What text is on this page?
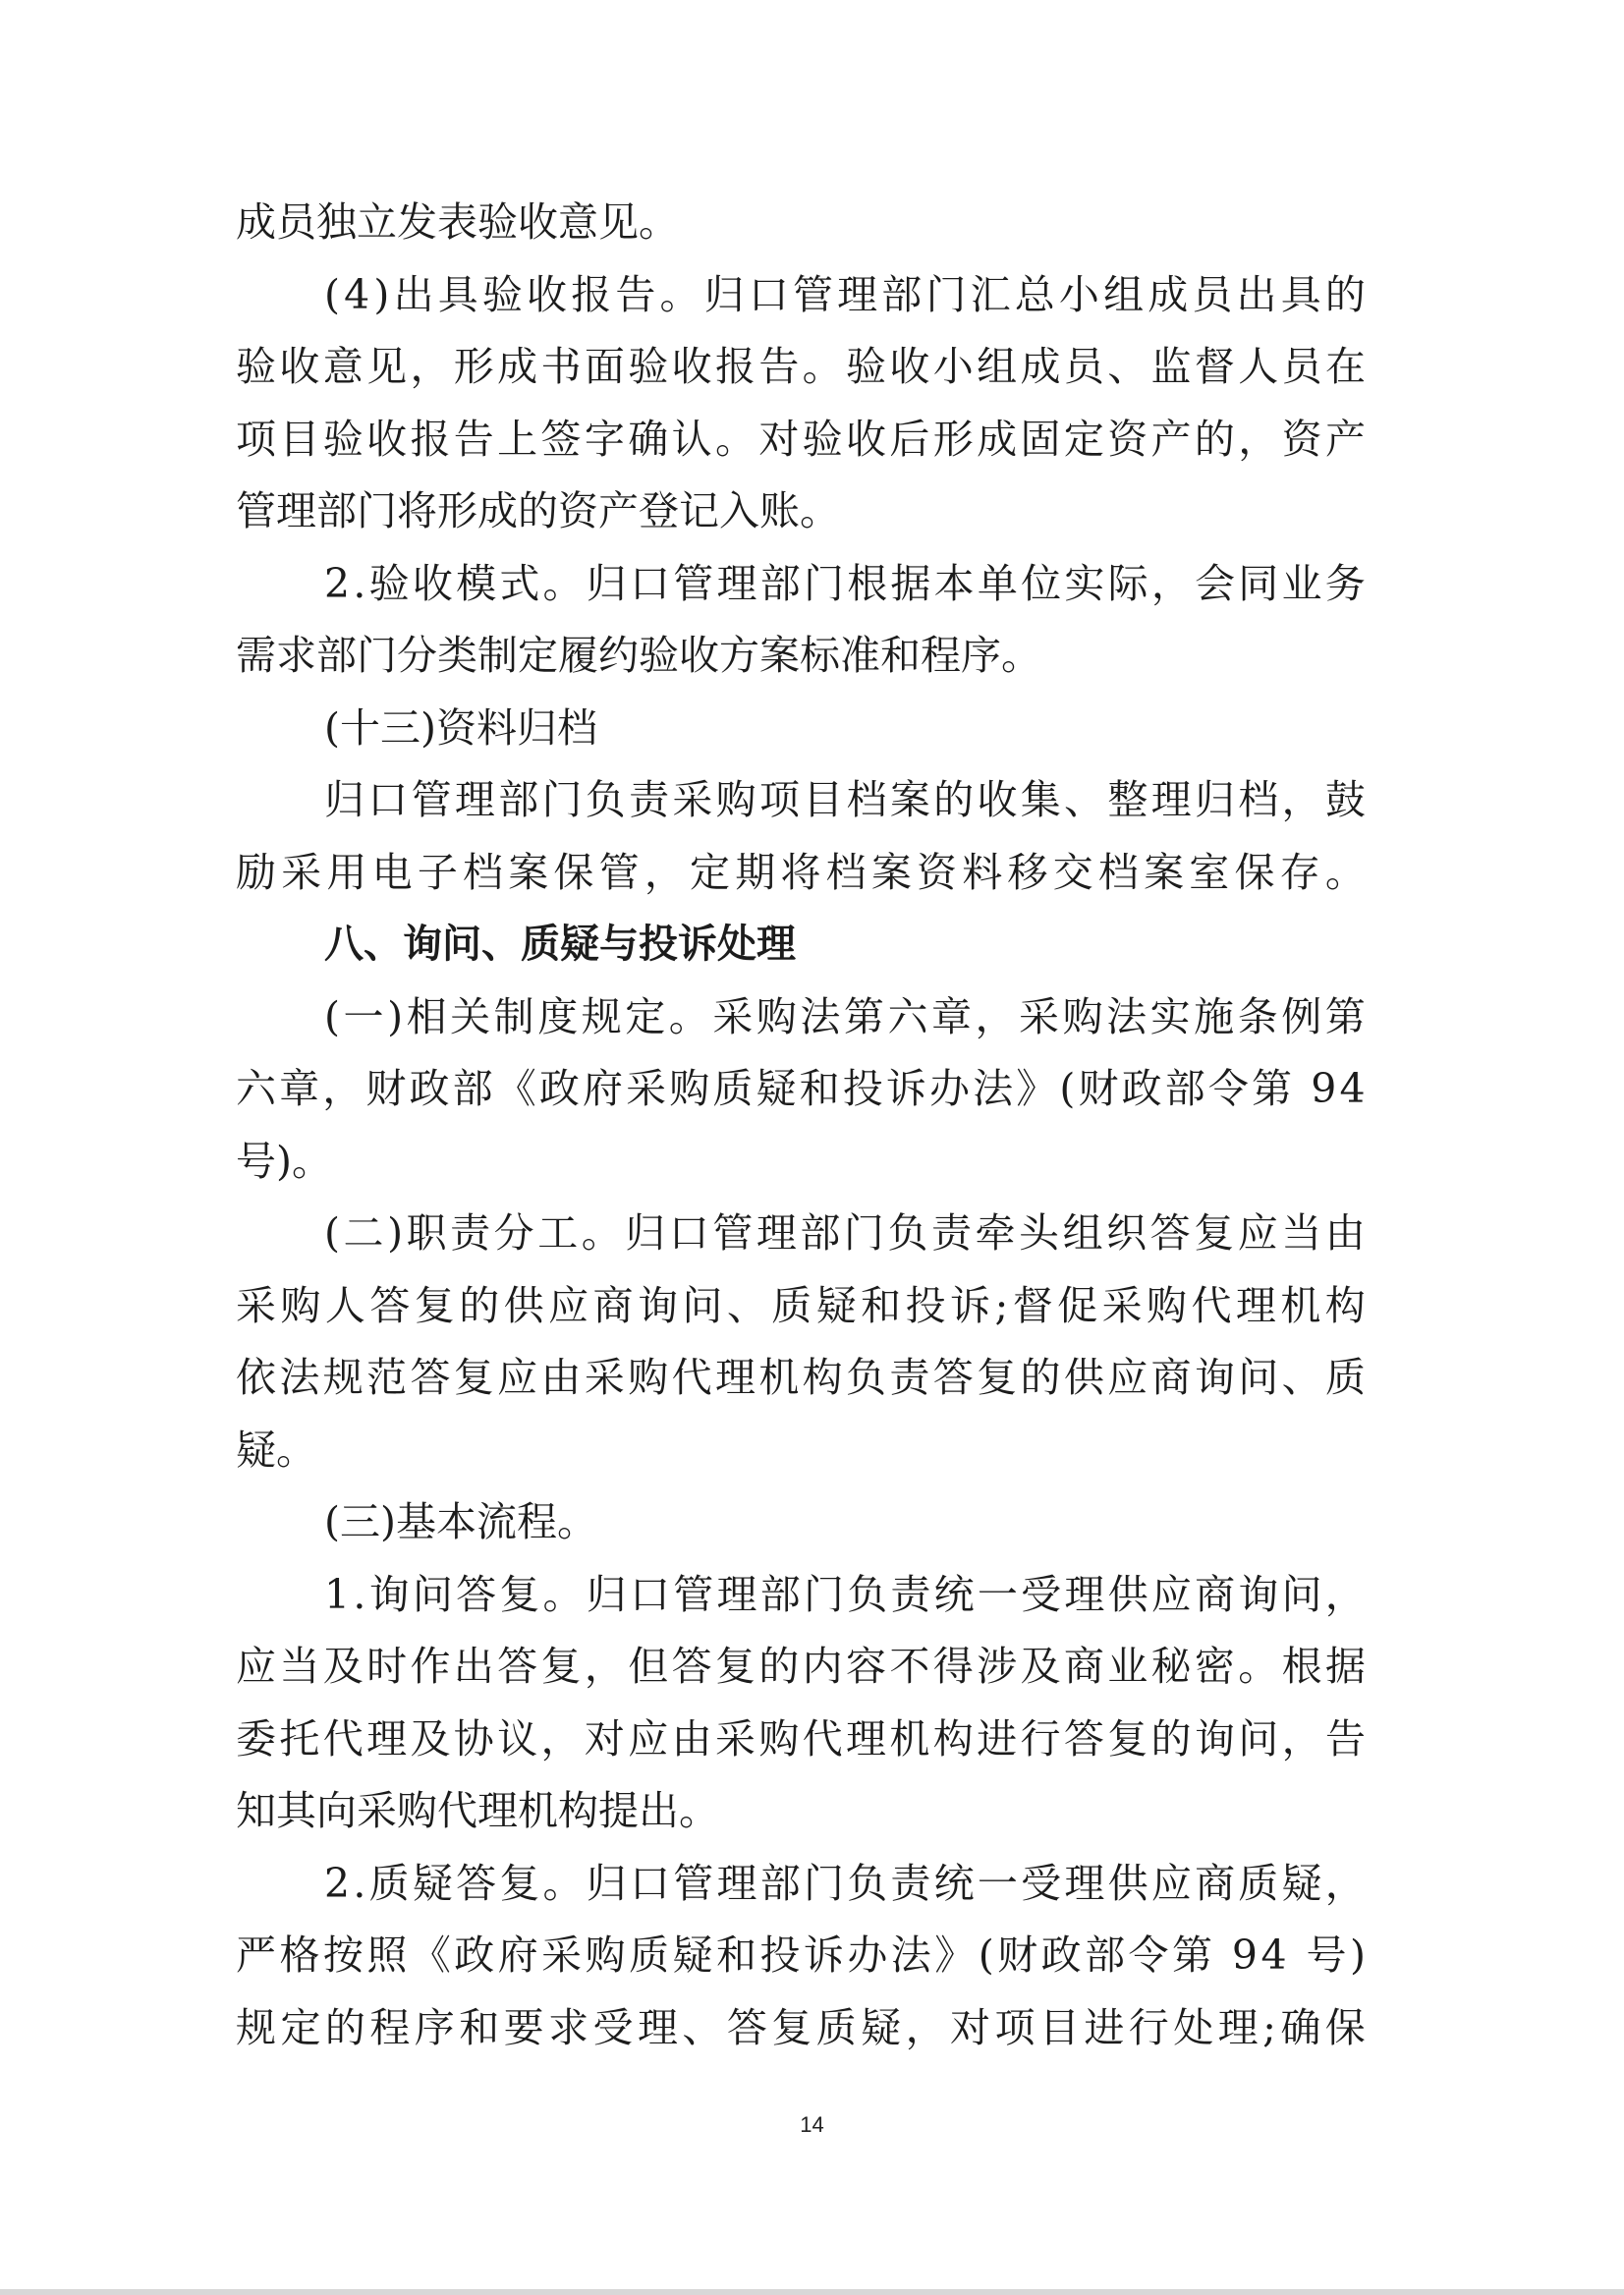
成员独立发表验收意见。
( 4 ) 出 具 验 收 报 告 。 归 口 管 理 部 门 汇 总 小 组 成 员 出 具 的
验 收 意 见 ， 形 成 书 面 验 收 报 告 。 验 收 小 组 成 员 、 监 督 人 员 在
项 目 验 收 报 告 上 签 字 确 认 。 对 验 收 后 形 成 固 定 资 产 的 ， 资 产
管理部门将形成的资产登记入账。
2 . 验 收 模 式 。 归 口 管 理 部 门 根 据 本 单 位 实 际 ， 会 同 业 务
需求部门分类制定履约验收方案标准和程序。
(十三)资料归档
归 口 管 理 部 门 负 责 采 购 项 目 档 案 的 收 集 、 整 理 归 档 ， 鼓
励 采 用 电 子 档 案 保 管 ， 定 期 将 档 案 资 料 移 交 档 案 室 保 存 。
八、询问、质疑与投诉处理
( 一 ) 相 关 制 度 规 定 。 采 购 法 第 六 章 ， 采 购 法 实 施 条 例 第
六 章 ， 财 政 部 《 政 府 采 购 质 疑 和 投 诉 办 法 》 ( 财 政 部 令 第
9 4
号)。
( 二 ) 职 责 分 工 。 归 口 管 理 部 门 负 责 牵 头 组 织 答 复 应 当 由
采 购 人 答 复 的 供 应 商 询 问 、 质 疑 和 投 诉 ; 督 促 采 购 代 理 机 构
依 法 规 范 答 复 应 由 采 购 代 理 机 构 负 责 答 复 的 供 应 商 询 问 、 质
疑。
(三)基本流程。
1 . 询 问 答 复 。 归 口 管 理 部 门 负 责 统 一 受 理 供 应 商 询 问 ，
应 当 及 时 作 出 答 复 ， 但 答 复 的 内 容 不 得 涉 及 商 业 秘 密 。 根 据
委 托 代 理 及 协 议 ， 对 应 由 采 购 代 理 机 构 进 行 答 复 的 询 问 ， 告
知其向采购代理机构提出。
2 . 质 疑 答 复 。 归 口 管 理 部 门 负 责 统 一 受 理 供 应 商 质 疑 ，
严 格 按 照 《 政 府 采 购 质 疑 和 投 诉 办 法 》 ( 财 政 部 令 第
9 4
号 )
规 定 的 程 序 和 要 求 受 理 、 答 复 质 疑 ， 对 项 目 进 行 处 理 ; 确 保
14
